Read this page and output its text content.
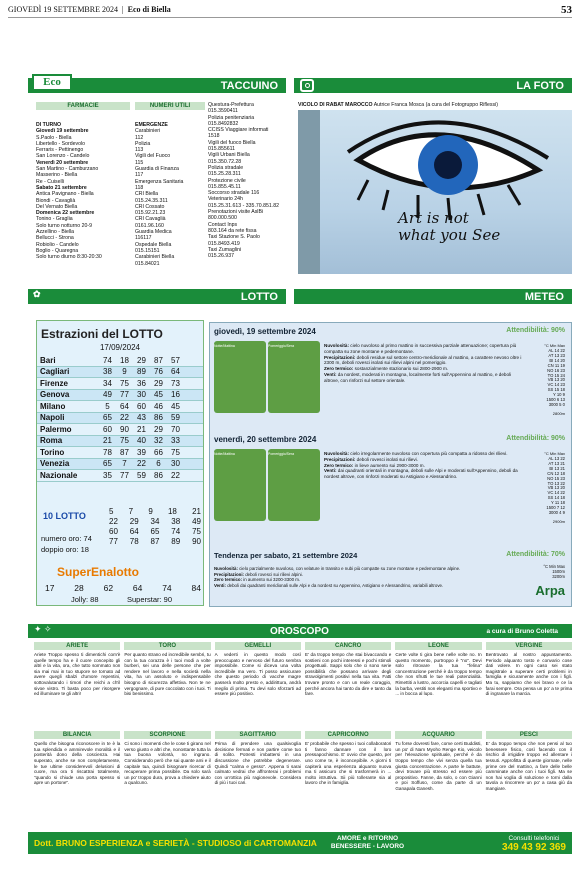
GIOVEDÌ 19 SETTEMBRE 2024 | Eco di Biella	53
TACCUINO
Eco
FARMACIE
DI TURNO
Giovedì 19 settembre
S.Paolo - Biella
Libertello - Sordevolo
Ferraris - Pettinengo
San Lorenzo - Candelo
Venerdì 20 settembre
San Martino - Camburzano
Masserino - Biella
Re - Cuiselli
Sabato 21 settembre
Antica Pavignano - Biella
Biondi - Cavaglià
Del Vernato Biella
Domenica 22 settembre
Tonino - Graglia
Solo turno notturno 20-9
Azzellino - Biella
Bellucci - Strona
Robiolio - Candelo
Boglio - Quaregna
Solo turno diurno 8:30-20:30
NUMERI UTILI
EMERGENZE
Carabinieri
112
Polizia
113
Vigili del Fuoco
115
Guardia di Finanza
117
Emergenza Sanitaria
118
CRI Biella
015.24.35.311
CRI Cossato
015.92.21.23
CRI Cavaglià
0161.96.160
Guardia Medica
116117
Ospedale Biella
015.15151
Carabinieri Biella
015.84021
Questura-Prefettura
015.3590411
Polizia penitenziaria
015.8492832
CCISS Viaggiare informati
1518
Vigili del fuoco Biella
015.855611
Vigili Urbani Biella
015.350.72.28
Polizia stradale
015.25.28.311
Protezione civile
015.855.45.11
Soccorso stradale 116
Veterinario 24h
015.25.31.613 - 335.70.851.82
Prenotazioni visite AslBi
800.000.500
Contact Inps
803.164 da rete fissa
Taxi Stazione S. Paolo
015.8493.419
Taxi Zumaglini
015.26.937
LA FOTO
VICOLO DI RABAT MAROCCO Autrice Franca Mosca (a cura del Fotogruppo Riflessi)
Art is not what you See
LOTTO
✿	METEO
Estrazioni del LOTTO
17/09/2024
Bari	74	18	29	87	57
Cagliari	38	9	89	76	64
Firenze	34	75	36	29	73
Genova	49	77	30	45	16
Milano	5	64	60	46	45
Napoli	65	22	43	86	59
Palermo	60	90	21	29	70
Roma	21	75	40	32	33
Torino	78	87	39	66	75
Venezia	65	7	22	6	30
Nazionale	35	77	59	86	22
10 LOTTO	5 7 9 18 21
22 29 34 38 49
60 64 65 74 75
77 78 87 89 90
numero oro: 74
doppio oro: 18
SuperEnalotto
17 28 62 64 74 84
Jolly: 88	Superstar: 90
giovedì, 19 settembre 2024	Attendibilità: 90%
Notte/Mattina	Pomeriggio/Sera	Nuvolosità: cielo nuvoloso al primo mattino in successiva parziale attenuazione; copertura più compatta su zone montane e pedemontane.
Precipitazioni: deboli residue sul settore centro-meridionale al mattino, a carattere nevoso oltre i 2300 m, deboli rovesci isolati sui rilievi alpini nel pomeriggio.
Zero termico: sostanzialmente stazionario sui 2800-2900 m.
Venti: da nordest, moderati in montagna, localmente forti sull'Appennino al mattino, e deboli altrove, con rinforzi sul settore orientale.
°C Min Max
AL 14 22
AT 13 23
BI 14 20
CN 11 19
NO 16 23
TO 15 24
VB 13 20
VC 14 23
SS 15 18
Y 10 9
1500 6 13
3000 5 0
2800m
venerdì, 20 settembre 2024	Attendibilità: 90%
Notte/Mattina	Pomeriggio/Sera	Nuvolosità: cielo irregolarmente nuvoloso con copertura più compatta a ridosso dei rilievi.
Precipitazioni: deboli rovesci isolati sui rilievi.
Zero termico: in lieve aumento sui 2900-3000 m.
Venti: dai quadranti orientali in montagna, deboli sulle Alpi e moderati sull'Appennino, deboli da nordest altrove, con rinforzi moderati su Astigiano e Alessandrino.
°C Min Max
AL 13 22
AT 13 21
BI 13 21
CN 12 18
NO 15 23
TO 13 22
VB 13 20
VC 14 22
SS 14 18
Y 11 18
1500 7 12
3000 4 9
2900m
Tendenza per sabato, 21 settembre 2024	Attendibilità: 70%
Nuvolosità: cielo parzialmente nuvoloso, con velature in transito e nubi più compatte su zone montane e pedemontane alpine.
Precipitazioni: deboli rovesci sui rilievi alpini.
Zero termico: in aumento sui 3200-3300 m.
Venti: deboli dai quadranti meridionali sulle Alpi e da nordest su Appennino, Astigiano e Alessandrino, variabili altrove.
°C Min Max
1500m
3200m
Arpa
OROSCOPO	a cura di Bruno Coletta
✦ ✧
ARIETE
Ariete Troppo spesso ti dimentichi com'è quelle tempo ha e il cuore concepito gli altri e la vita, ora, che tutto sommato non sia mai mai in tuo stupore se tornato ad avere quegli sbalzi d'umore repentini, sottovalutando i timori che reichi a ch'il sivoe vistro. Ti basta poco per risorgere ed illuminare te gli altri!
TORO
Per quanto strano ed incredibile sembri, tu con la tua corazza è i tuoi modi a volte burberi, sei una delle persone che per rendere nel lavoro e nella società nella vita, ha un assoluto e indispensabile bisogno di sicurezza affettiva. Non te ne vergognare, di pure coccolato con i tuoi. Ti bisi benissimo.
GEMELLI
A vederti in questo modo così preoccupato e nervoso del futuro sembra impossibile. Come si diceva una volta incredibile ma vero. Ti posso assicurare che questo periodo di vacche magre passerà molto presto e, addirittura, andrà meglio di prima. Tu devi solo sforzarti ad essere più positivo.
CANCRO
E' da troppo tempo che stai bivaccando e sostieni con pochi interessi e pochi stimoli progettuali. Sappi solo che ci sono serie possibilità che possano arrivare degli stravolgimenti positivi nella tua vita. Fatti trovare pronto e con un reale coraggio, perché ancora hai tanto da dire e tanto da fare.
LEONE
Certe volte ti gira bene nelle volte no. In questo momento, purtroppo è "no". Devi solo ritrovare la tua "felina" concentrazione perché è da troppo tempo che non sfrutti le tue reali potenzialità. Rimettiti a lustro, accorcia capelli e tagliati la barba, vestiti non eleganti ma sportivo e ... in bocca al lupo.
VERGINE
Bentrovato al nostro appuntamento. Periodo alquanto tosto e convario cose dati volere. In ogni caso sei stato magistrale a superare certi problemi in famiglia e sicuramente anche con i figli. Ma tu, sappiamo che sei bravo e ce la farai sempre. Ora pensa un po' a te prima di ingranare la marcia.
BILANCIA
Quello che bisogna riconoscere in te è la tua splendida e ammirevole moralità e il posterità dono della coscienza. Hai superato, anche se non completamente, le tue ultime considerevoli delusioni di cuore, ma ora ti riscattrai totalmente, "quando si chiude una porta spesso si apre un portone".
SCORPIONE
Ci sono i momenti che le cose ti girano nel verso giusto e altri che, nonostante tutta la tua buona volontà, no ingrano. Considerando però che sai quante ami e il capitale tua, quindi bisognare ricercar di recuperare prima possibile. Da solo sarà un po' troppo dura, prova a chiedere aiuto a qualcuno.
SAGITTARIO
Prima di prendere una qualsivoglia decisione fermati e non partire come tuo di solito. Potresti imbattersi in una discussione che potrebbe degenerare. Quindi "calma e gesso". Appena ti sarai calmato vedrai che affronterai i problemi con un'ottica più ragionevole. Considera di più i tuoi cari.
CAPRICORNO
E' probabile che spesso i tuoi collaboratori ti fanno dannare con il loro pressapochismo. E' ovvio che questo, per uno come te, è inconcepibile. A giorni ti capiterà una esperienza alquanto nuova ma ti assicuro che si trasformerà in ... molto istruttiva. Sii più tollerante sia al lavoro che in famiglia.
ACQUARIO
Tu forse dovresti fare, come certi Buddisti, un po' di Nam Myoho Renge Kio, veicolo per l'elevazione spirituale, perché è da troppo tempo che vivi senza quella tua giusta concentrazione. A parte le battute, devi trovare più stresso ed essere più propositivo. Fanne, da solo, o con Gianni e poi Soffuso, come da parte di un Ganapala Ganesh.
PESCI
E' da troppo tempo che non pensi al tuo benessere fisico, così facendo con il rischio di irrigidire troppo ed allentare i tessuti. Approfitta di queste giornate, nelle prime ore del mattino, a fare delle belle camminate anche con i tuoi figli. Ma se non hai voglia di soluzione e torni dalla tavola a rincorrere un po' a casa giù da mangiare.
Dott. BRUNO ESPERIENZA e SERIETÀ - STUDIOSO di CARTOMANZIA	AMORE e RITORNO
BENESSERE - LAVORO
Consulti telefonici
349 43 92 369
